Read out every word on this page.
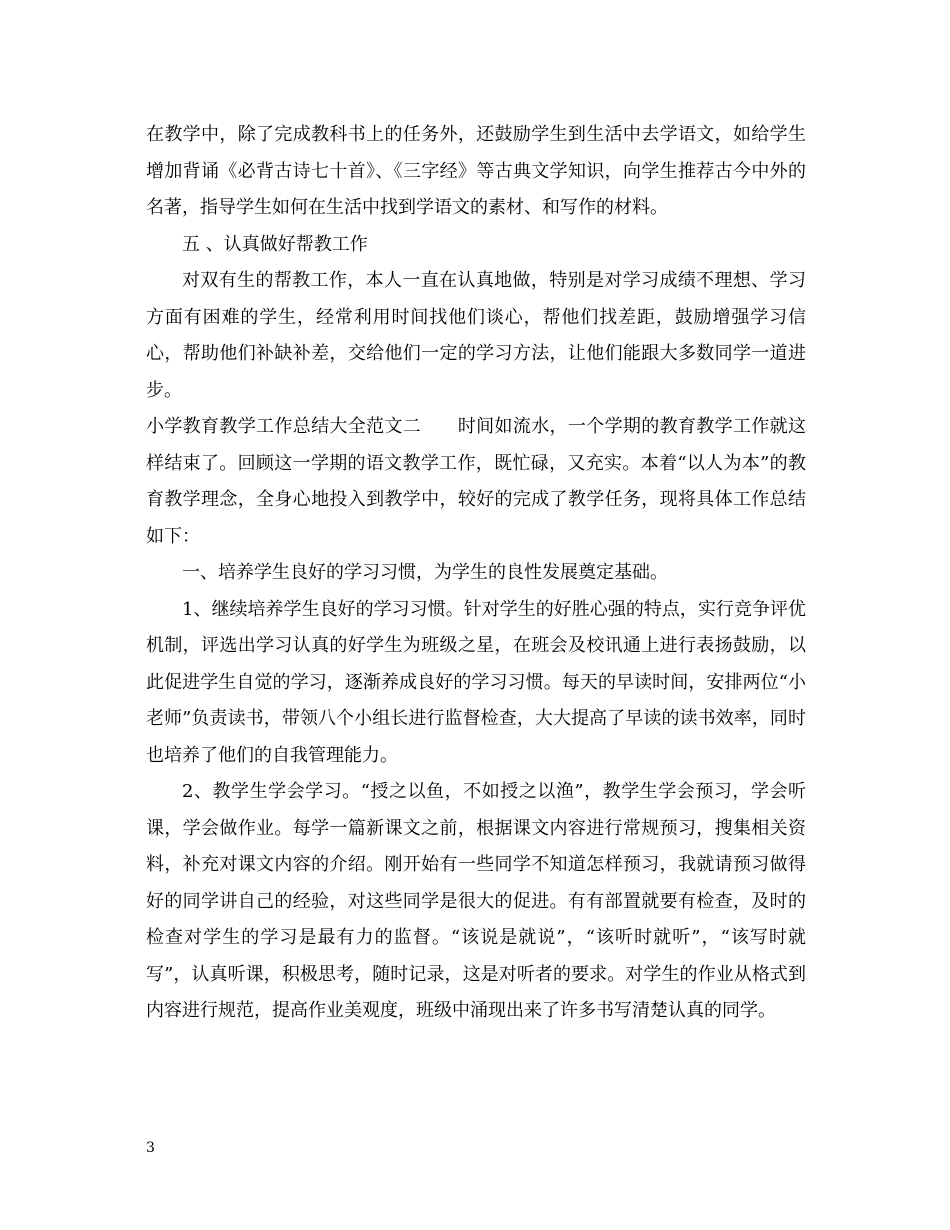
在教学中，除了完成教科书上的任务外，还鼓励学生到生活中去学语文，如给学生增加背诵《必背古诗七十首》、《三字经》等古典文学知识，向学生推荐古今中外的名著，指导学生如何在生活中找到学语文的素材、和写作的材料。

五 、认真做好帮教工作

对双有生的帮教工作，本人一直在认真地做，特别是对学习成绩不理想、学习方面有困难的学生，经常利用时间找他们谈心，帮他们找差距，鼓励增强学习信心，帮助他们补缺补差，交给他们一定的学习方法，让他们能跟大多数同学一道进步。

小学教育教学工作总结大全范文二　　时间如流水，一个学期的教育教学工作就这样结束了。回顾这一学期的语文教学工作，既忙碌，又充实。本着“以人为本”的教育教学理念，全身心地投入到教学中，较好的完成了教学任务，现将具体工作总结如下：

一、培养学生良好的学习习惯，为学生的良性发展奠定基础。

1、继续培养学生良好的学习习惯。针对学生的好胜心强的特点，实行竞争评优机制，评选出学习认真的好学生为班级之星，在班会及校讯通上进行表扬鼓励，以此促进学生自觉的学习，逐渐养成良好的学习习惯。每天的早读时间，安排两位“小老师”负责读书，带领八个小组长进行监督检查，大大提高了早读的读书效率，同时也培养了他们的自我管理能力。

2、教学生学会学习。“授之以鱼，不如授之以渔”，教学生学会预习，学会听课，学会做作业。每学一篇新课文之前，根据课文内容进行常规预习，搜集相关资料，补充对课文内容的介绍。刚开始有一些同学不知道怎样预习，我就请预习做得好的同学讲自己的经验，对这些同学是很大的促进。有有部置就要有检查，及时的检查对学生的学习是最有力的监督。“该说是就说”，“该听时就听”，“该写时就写”，认真听课，积极思考，随时记录，这是对听者的要求。对学生的作业从格式到内容进行规范，提高作业美观度，班级中涌现出来了许多书写清楚认真的同学。

3
